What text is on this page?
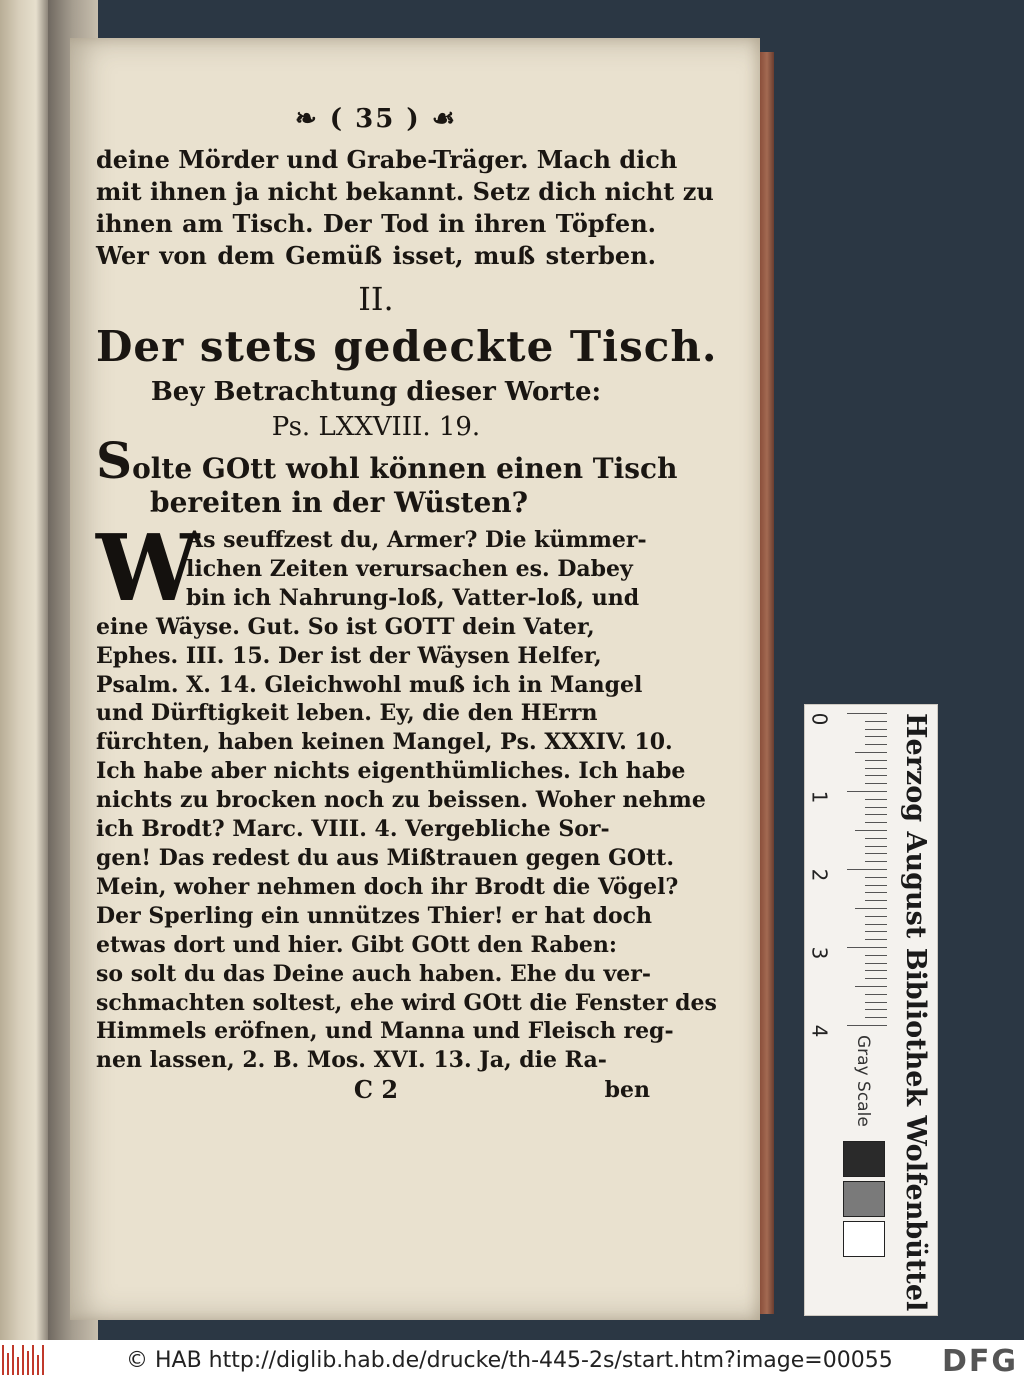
❧ ( 35 ) ☙
deine Mörder und Grabe-Träger. Mach dich
mit ihnen ja nicht bekannt. Setz dich nicht zu
ihnen am Tisch. Der Tod in ihren Töpfen.
Wer von dem Gemüß isset, muß sterben.
II.
Der stets gedeckte Tisch.
Bey Betrachtung dieser Worte:
Ps. LXXVIII. 19.
Solte GOtt wohl können einen Tisch
bereiten in der Wüsten?
W
As seuffzest du, Armer? Die kümmer-
lichen Zeiten verursachen es. Dabey
bin ich Nahrung-loß, Vatter-loß, und
eine Wäyse. Gut. So ist GOTT dein Vater,
Ephes. III. 15. Der ist der Wäysen Helfer,
Psalm. X. 14. Gleichwohl muß ich in Mangel
und Dürftigkeit leben. Ey, die den HErrn
fürchten, haben keinen Mangel, Ps. XXXIV. 10.
Ich habe aber nichts eigenthümliches. Ich habe
nichts zu brocken noch zu beissen. Woher nehme
ich Brodt? Marc. VIII. 4. Vergebliche Sor-
gen! Das redest du aus Mißtrauen gegen GOtt.
Mein, woher nehmen doch ihr Brodt die Vögel?
Der Sperling ein unnützes Thier! er hat doch
etwas dort und hier. Gibt GOtt den Raben:
so solt du das Deine auch haben. Ehe du ver-
schmachten soltest, ehe wird GOtt die Fenster des
Himmels eröfnen, und Manna und Fleisch reg-
nen lassen, 2. B. Mos. XVI. 13. Ja, die Ra-
C 2	ben
0
1
2
3
4	Herzog August Bibliothek Wolfenbüttel
Gray Scale
© HAB http://diglib.hab.de/drucke/th-445-2s/start.htm?image=00055 DFG
